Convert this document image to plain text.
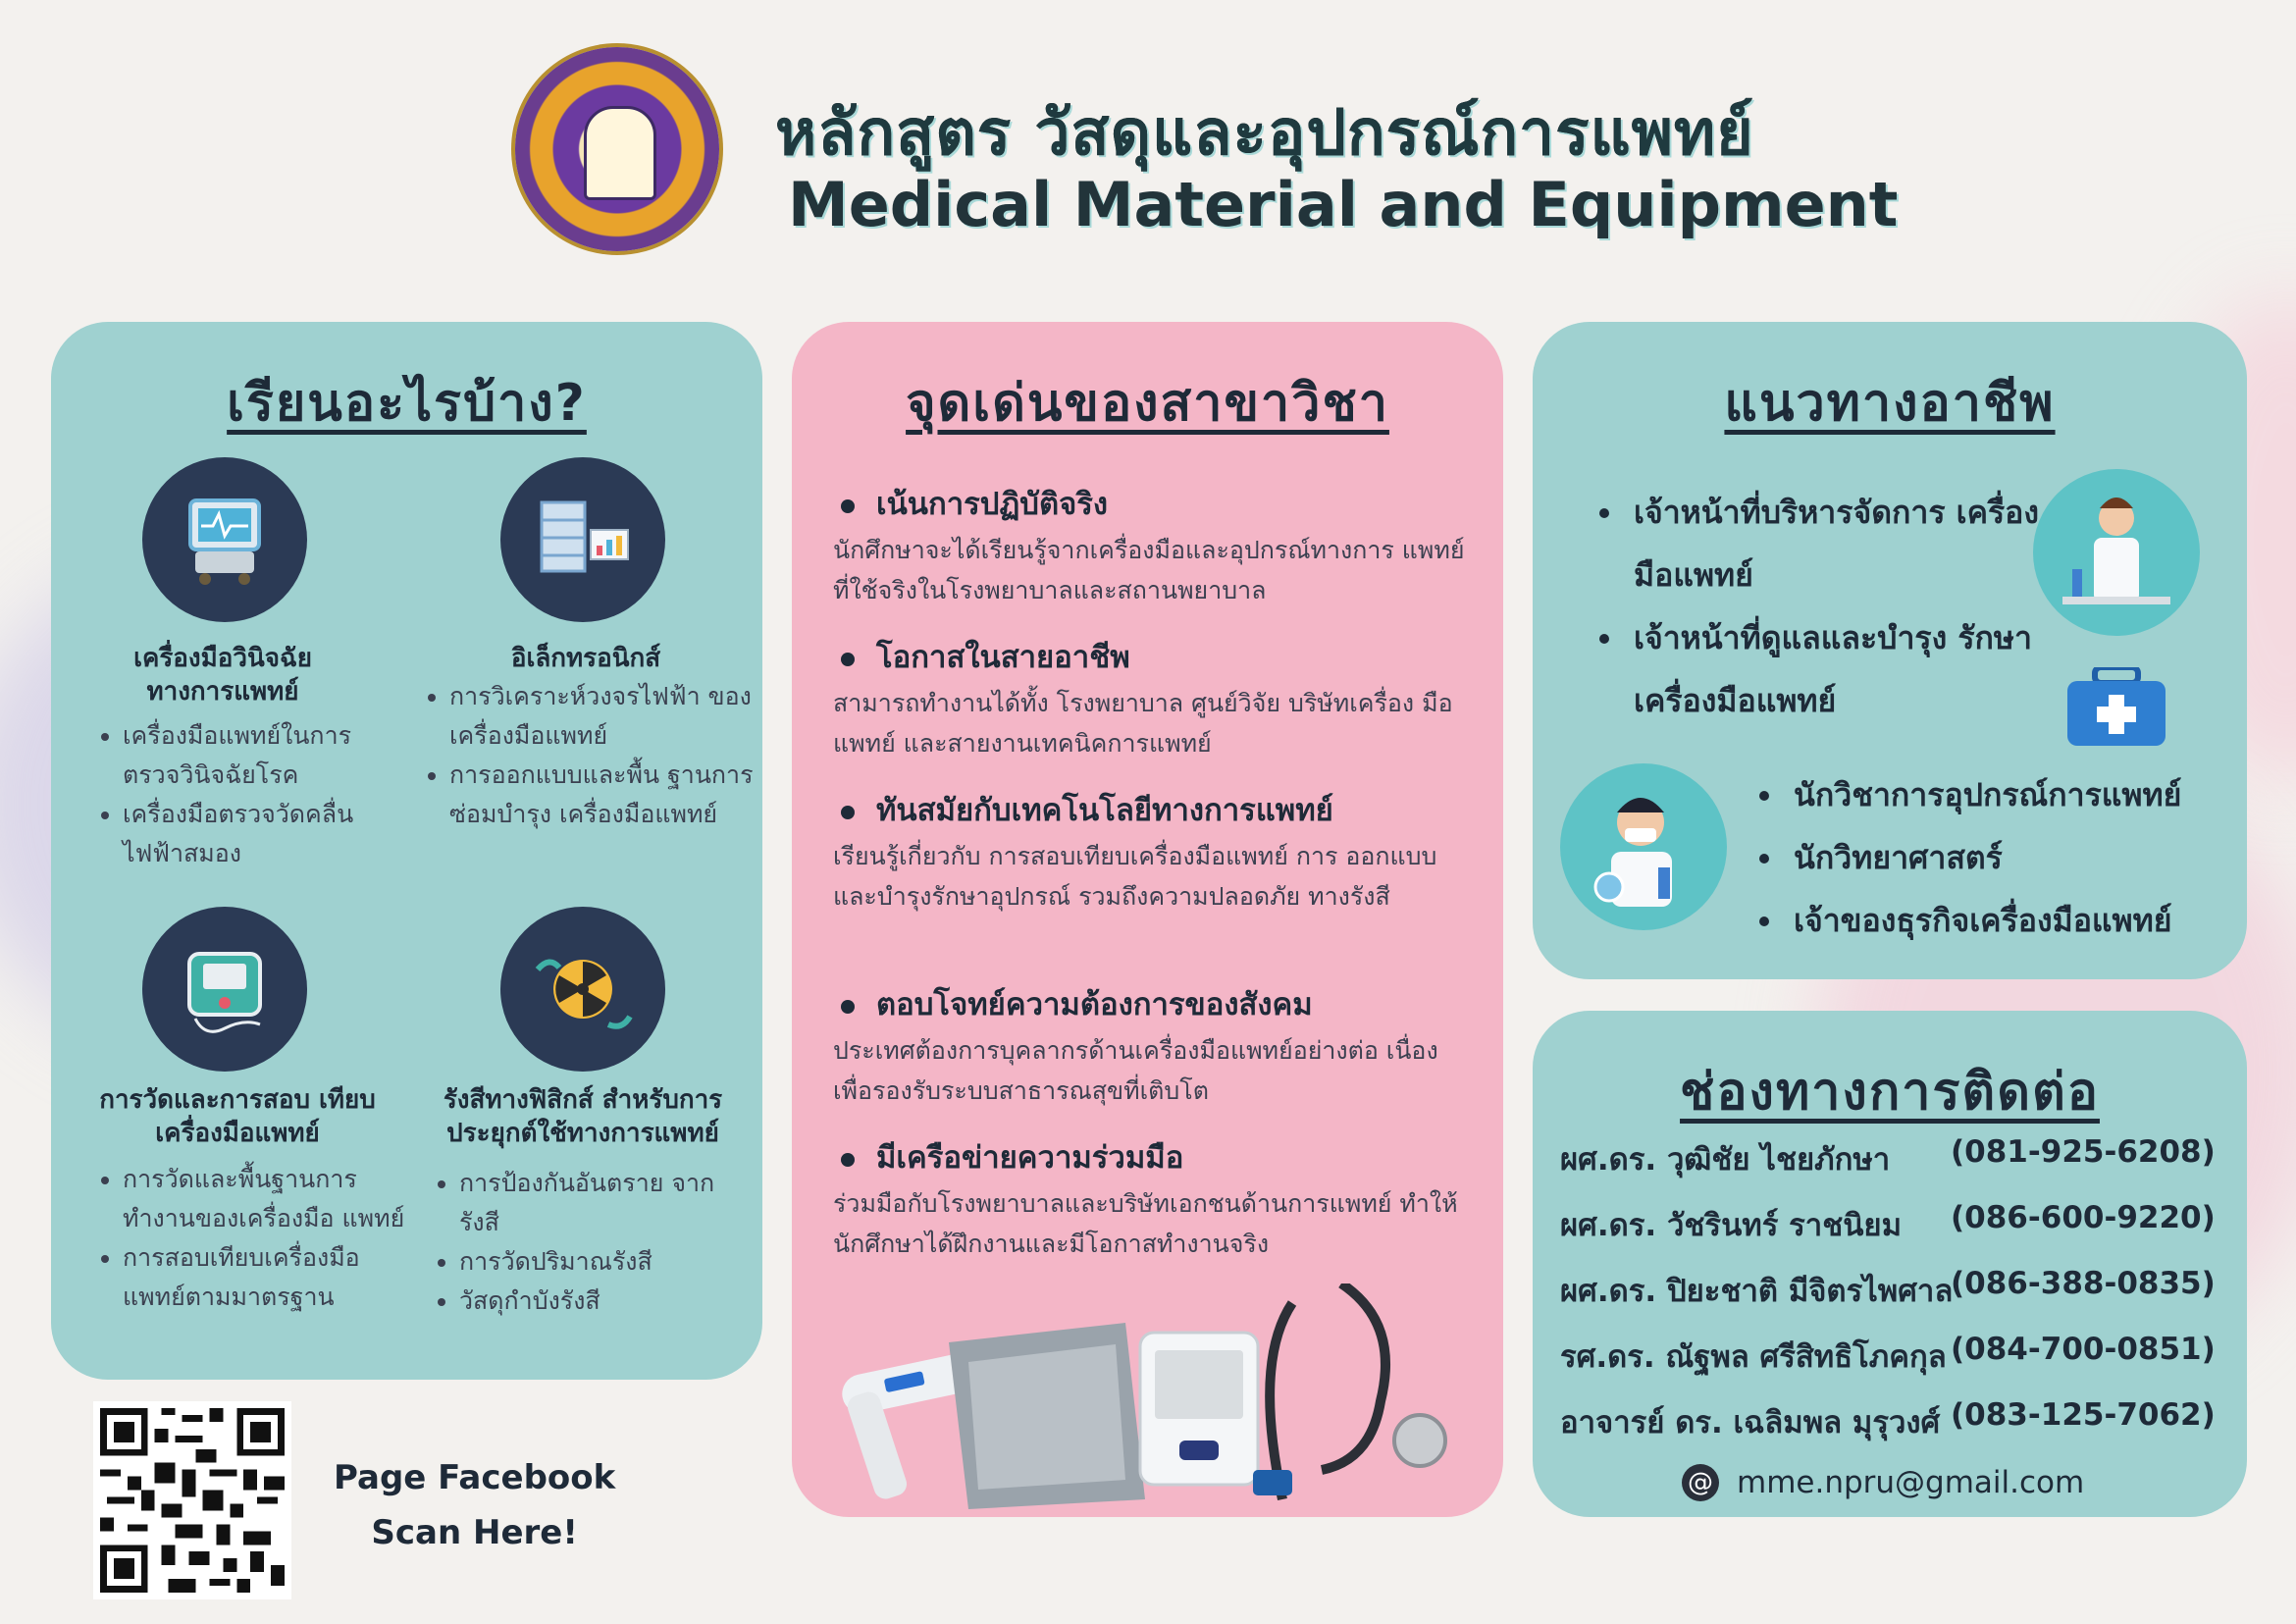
หลักสูตร วัสดุและอุปกรณ์การแพทย์
Medical Material and Equipment
เรียนอะไรบ้าง?
เครื่องมือวินิจฉัย ทางการแพทย์
• เครื่องมือแพทย์ในการ ตรวจวินิจฉัยโรค
• เครื่องมือตรวจวัดคลื่น ไฟฟ้าสมอง
อิเล็กทรอนิกส์
• การวิเคราะห์วงจรไฟฟ้า ของเครื่องมือแพทย์
• การออกแบบและพื้น ฐานการซ่อมบำรุง เครื่องมือแพทย์
การวัดและการสอบ เทียบเครื่องมือแพทย์
• การวัดและพื้นฐานการ ทำงานของเครื่องมือ แพทย์
• การสอบเทียบเครื่องมือ แพทย์ตามมาตรฐาน
รังสีทางฟิสิกส์ สำหรับการ ประยุกต์ใช้ทางการแพทย์
• การป้องกันอันตราย จากรังสี
• การวัดปริมาณรังสี
• วัสดุกำบังรังสี
จุดเด่นของสาขาวิชา
เน้นการปฏิบัติจริง
นักศึกษาจะได้เรียนรู้จากเครื่องมือและอุปกรณ์ทางการ แพทย์ที่ใช้จริงในโรงพยาบาลและสถานพยาบาล
โอกาสในสายอาชีพ
สามารถทำงานได้ทั้ง โรงพยาบาล ศูนย์วิจัย บริษัทเครื่อง มือแพทย์ และสายงานเทคนิคการแพทย์
ทันสมัยกับเทคโนโลยีทางการแพทย์
เรียนรู้เกี่ยวกับ การสอบเทียบเครื่องมือแพทย์ การ ออกแบบและบำรุงรักษาอุปกรณ์ รวมถึงความปลอดภัย ทางรังสี
ตอบโจทย์ความต้องการของสังคม
ประเทศต้องการบุคลากรด้านเครื่องมือแพทย์อย่างต่อ เนื่อง เพื่อรองรับระบบสาธารณสุขที่เติบโต
มีเครือข่ายความร่วมมือ
ร่วมมือกับโรงพยาบาลและบริษัทเอกชนด้านการแพทย์ ทำให้นักศึกษาได้ฝึกงานและมีโอกาสทำงานจริง
แนวทางอาชีพ
• เจ้าหน้าที่บริหารจัดการ เครื่องมือแพทย์
• เจ้าหน้าที่ดูแลและบำรุง รักษาเครื่องมือแพทย์
• นักวิชาการอุปกรณ์การแพทย์
• นักวิทยาศาสตร์
• เจ้าของธุรกิจเครื่องมือแพทย์
ช่องทางการติดต่อ
ผศ.ดร. วุฒิชัย ไชยภักษา (081-925-6208)
ผศ.ดร. วัชรินทร์ ราชนิยม (086-600-9220)
ผศ.ดร. ปิยะชาติ มีจิตรไพศาล
(086-388-0835)
รศ.ดร. ณัฐพล ศรีสิทธิโภคกุล (084-700-0851)
อาจารย์ ดร. เฉลิมพล มุรุวงศ์ (083-125-7062)
@ mme.npru@gmail.com
Page Facebook
Scan Here!
